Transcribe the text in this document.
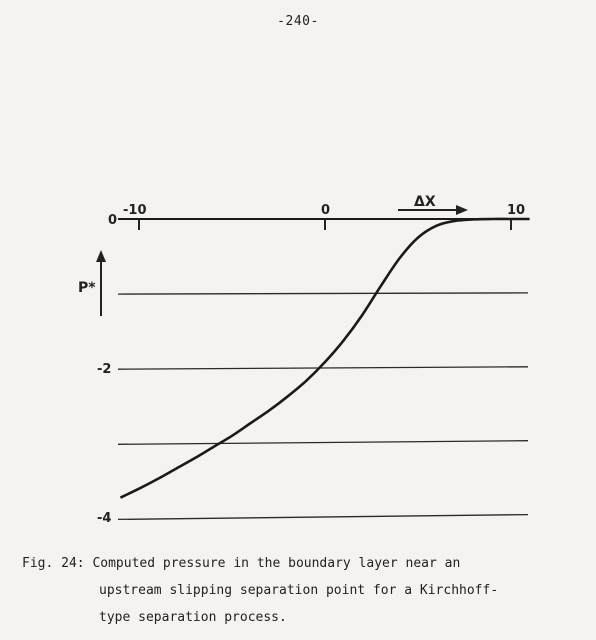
-240-
-10	0	10
0
-2
-4
ΔX
P*
Fig. 24: Computed pressure in the boundary layer near an
upstream slipping separation point for a Kirchhoff-
type separation process.
